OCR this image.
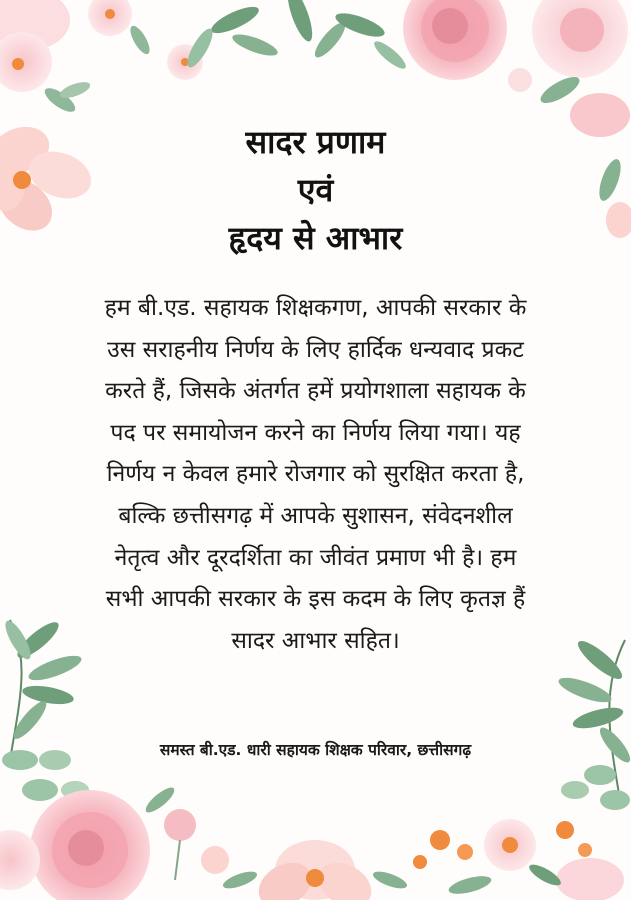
सादर प्रणाम
एवं
हृदय से आभार

हम बी.एड. सहायक शिक्षकगण, आपकी सरकार के उस सराहनीय निर्णय के लिए हार्दिक धन्यवाद प्रकट करते हैं, जिसके अंतर्गत हमें प्रयोगशाला सहायक के पद पर समायोजन करने का निर्णय लिया गया। यह निर्णय न केवल हमारे रोजगार को सुरक्षित करता है, बल्कि छत्तीसगढ़ में आपके सुशासन, संवेदनशील नेतृत्व और दूरदर्शिता का जीवंत प्रमाण भी है। हम सभी आपकी सरकार के इस कदम के लिए कृतज्ञ हैं सादर आभार सहित।

समस्त बी.एड. धारी सहायक शिक्षक परिवार, छत्तीसगढ़
